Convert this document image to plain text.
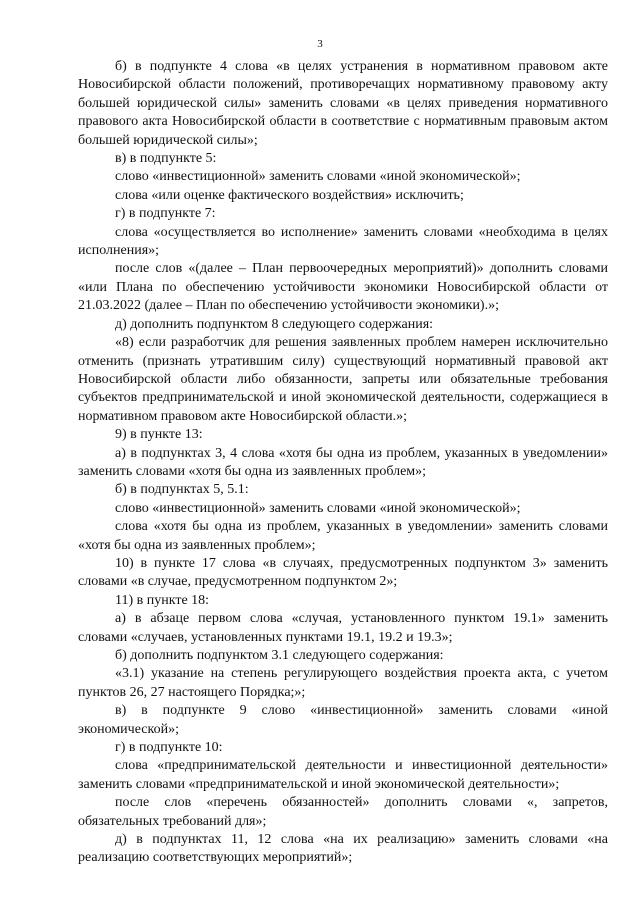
3

б) в подпункте 4 слова «в целях устранения в нормативном правовом акте Новосибирской области положений, противоречащих нормативному правовому акту большей юридической силы» заменить словами «в целях приведения нормативного правового акта Новосибирской области в соответствие с нормативным правовым актом большей юридической силы»;

в) в подпункте 5:

слово «инвестиционной» заменить словами «иной экономической»;

слова «или оценке фактического воздействия» исключить;

г) в подпункте 7:

слова «осуществляется во исполнение» заменить словами «необходима в целях исполнения»;

после слов «(далее – План первоочередных мероприятий)» дополнить словами «или Плана по обеспечению устойчивости экономики Новосибирской области от 21.03.2022 (далее – План по обеспечению устойчивости экономики).»;

д) дополнить подпунктом 8 следующего содержания:

«8) если разработчик для решения заявленных проблем намерен исключительно отменить (признать утратившим силу) существующий нормативный правовой акт Новосибирской области либо обязанности, запреты или обязательные требования субъектов предпринимательской и иной экономической деятельности, содержащиеся в нормативном правовом акте Новосибирской области.»;

9) в пункте 13:

а) в подпунктах 3, 4 слова «хотя бы одна из проблем, указанных в уведомлении» заменить словами «хотя бы одна из заявленных проблем»;

б) в подпунктах 5, 5.1:

слово «инвестиционной» заменить словами «иной экономической»;

слова «хотя бы одна из проблем, указанных в уведомлении» заменить словами «хотя бы одна из заявленных проблем»;

10) в пункте 17 слова «в случаях, предусмотренных подпунктом 3» заменить словами «в случае, предусмотренном подпунктом 2»;

11) в пункте 18:

а) в абзаце первом слова «случая, установленного пунктом 19.1» заменить словами «случаев, установленных пунктами 19.1, 19.2 и 19.3»;

б) дополнить подпунктом 3.1 следующего содержания:

«3.1) указание на степень регулирующего воздействия проекта акта, с учетом пунктов 26, 27 настоящего Порядка;»;

в) в подпункте 9 слово «инвестиционной» заменить словами «иной экономической»;

г) в подпункте 10:

слова «предпринимательской деятельности и инвестиционной деятельности» заменить словами «предпринимательской и иной экономической деятельности»;

после слов «перечень обязанностей» дополнить словами «, запретов, обязательных требований для»;

д) в подпунктах 11, 12 слова «на их реализацию» заменить словами «на реализацию соответствующих мероприятий»;
